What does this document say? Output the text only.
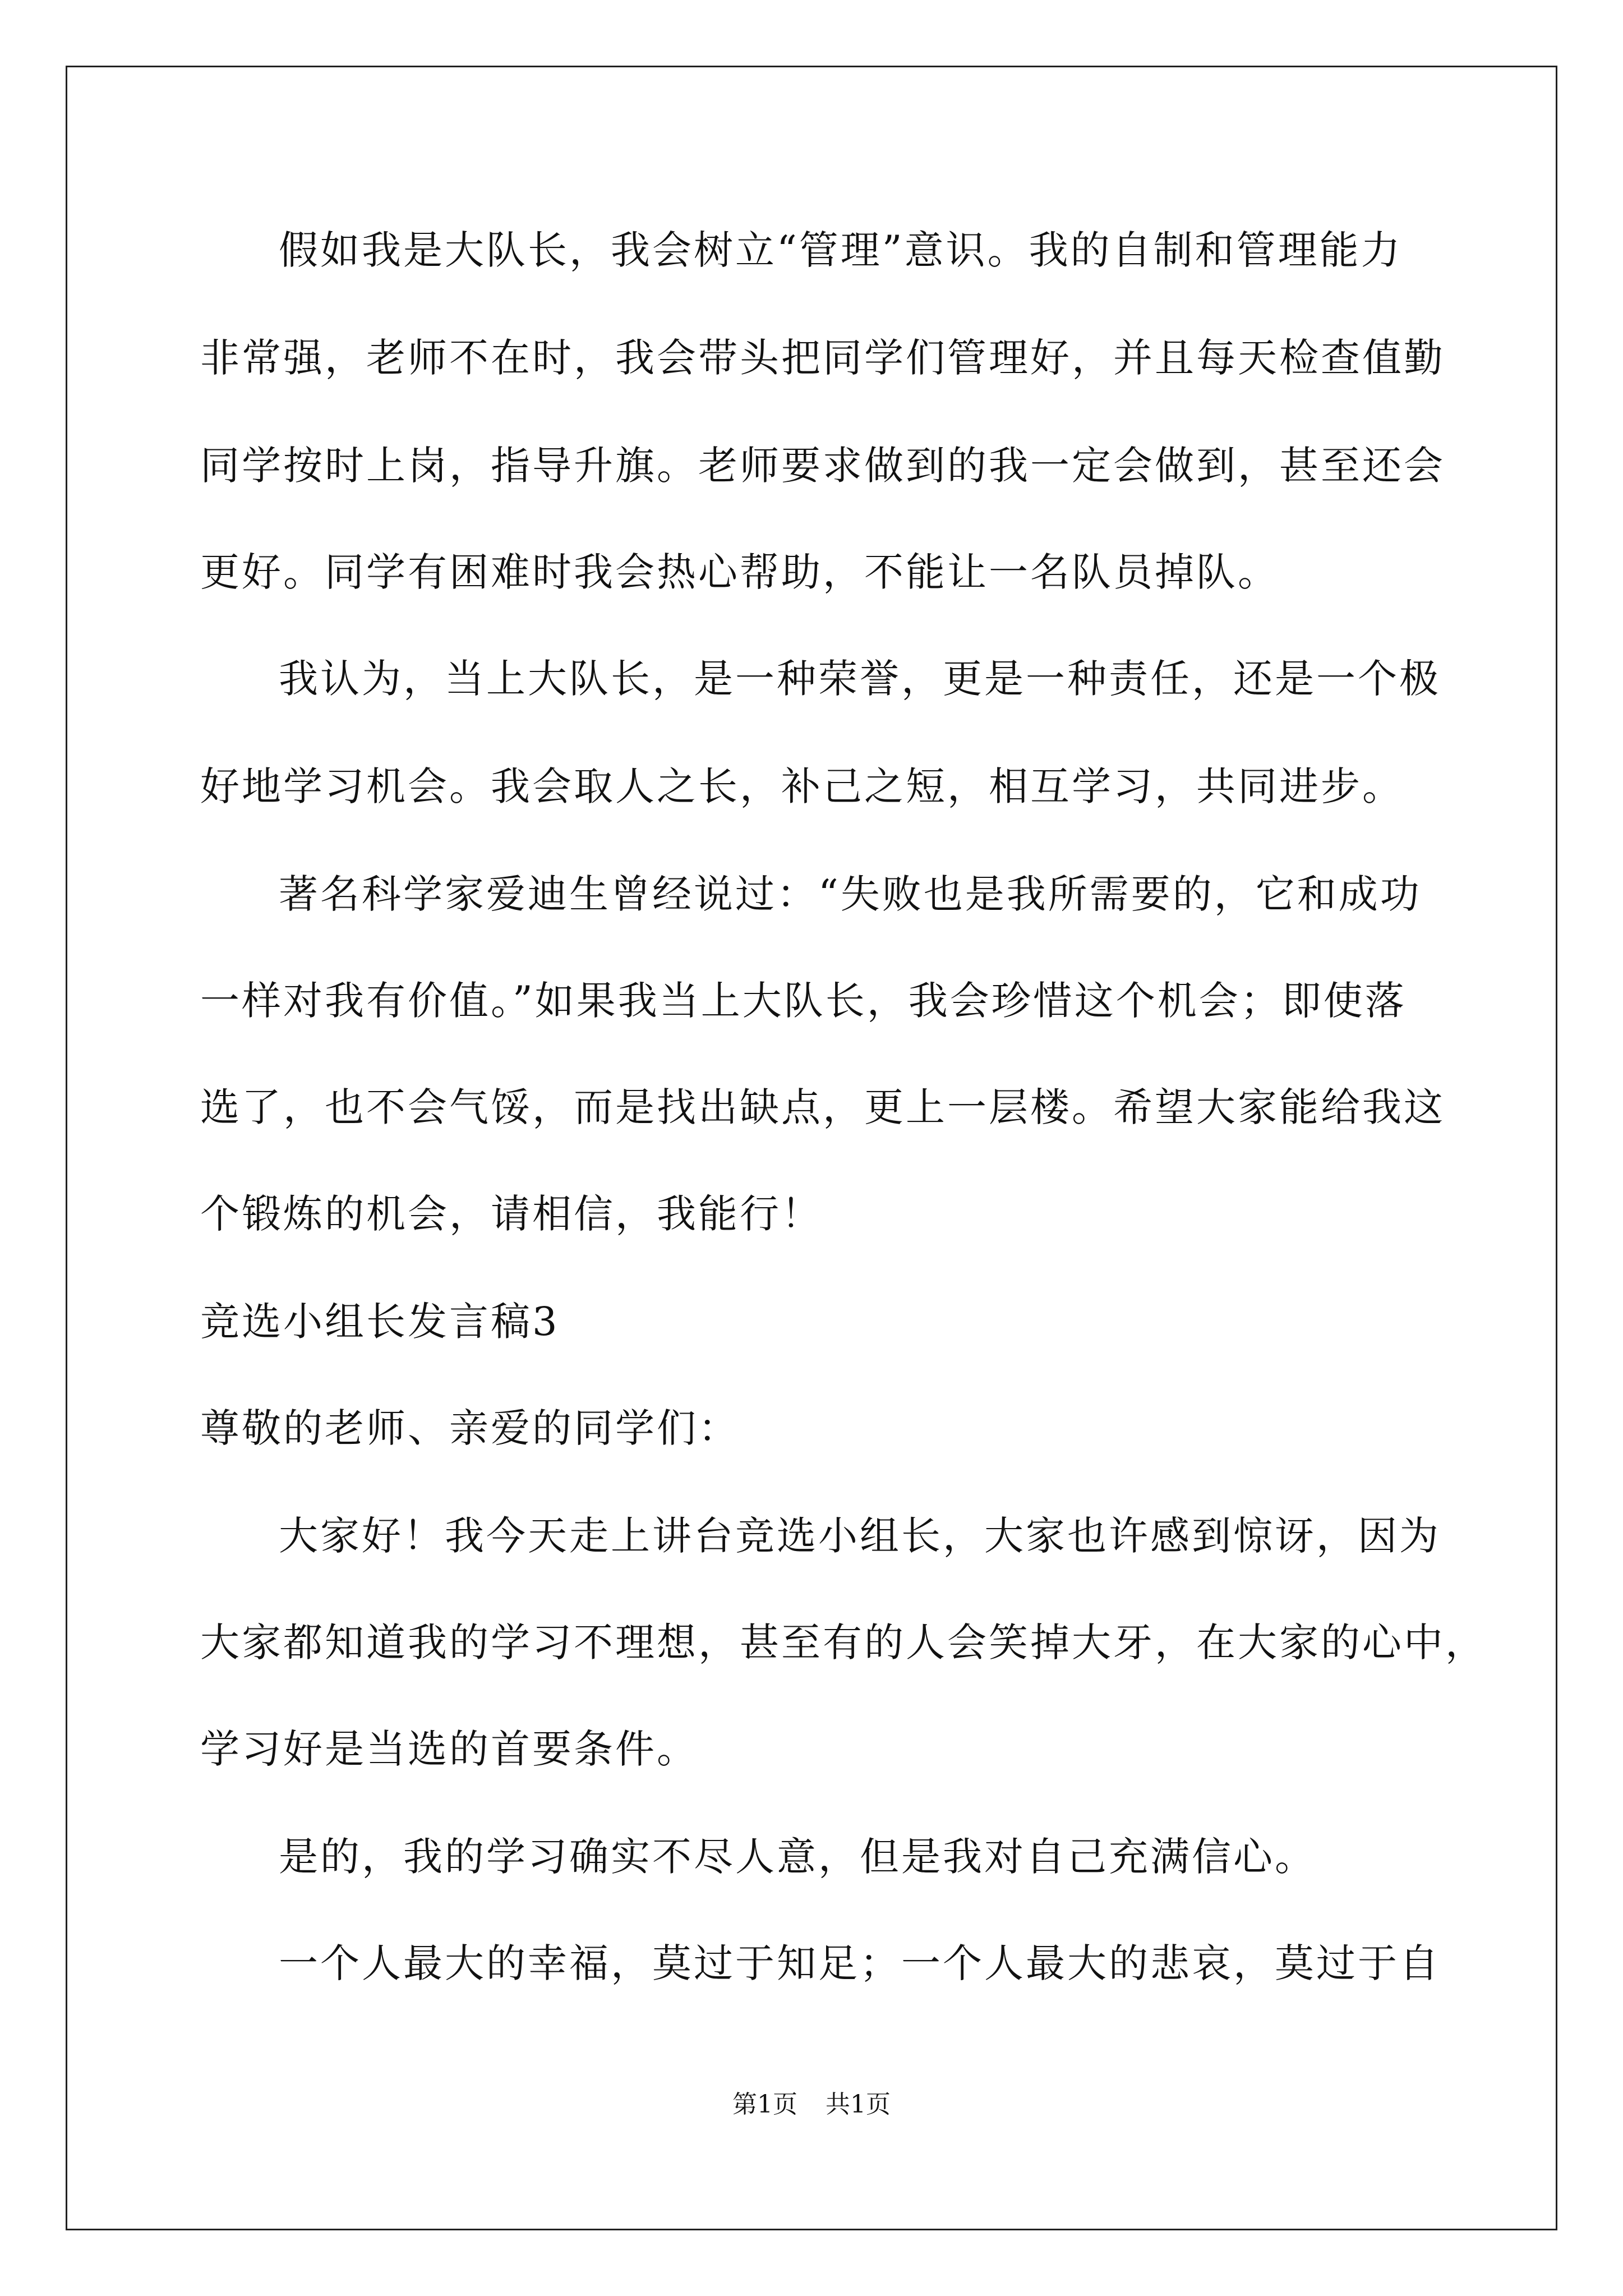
假如我是大队长，我会树立“管理”意识。我的自制和管理能力
非常强，老师不在时，我会带头把同学们管理好，并且每天检查值勤
同学按时上岗，指导升旗。老师要求做到的我一定会做到，甚至还会
更好。同学有困难时我会热心帮助，不能让一名队员掉队。
我认为，当上大队长，是一种荣誉，更是一种责任，还是一个极
好地学习机会。我会取人之长，补己之短，相互学习，共同进步。
著名科学家爱迪生曾经说过：“失败也是我所需要的，它和成功
一样对我有价值。”如果我当上大队长，我会珍惜这个机会；即使落
选了，也不会气馁，而是找出缺点，更上一层楼。希望大家能给我这
个锻炼的机会，请相信，我能行！
竞选小组长发言稿3
尊敬的老师、亲爱的同学们：
大家好！我今天走上讲台竞选小组长，大家也许感到惊讶，因为
大家都知道我的学习不理想，甚至有的人会笑掉大牙，在大家的心中，
学习好是当选的首要条件。
是的，我的学习确实不尽人意，但是我对自己充满信心。
一个人最大的幸福，莫过于知足；一个人最大的悲哀，莫过于自
第1页 共1页
